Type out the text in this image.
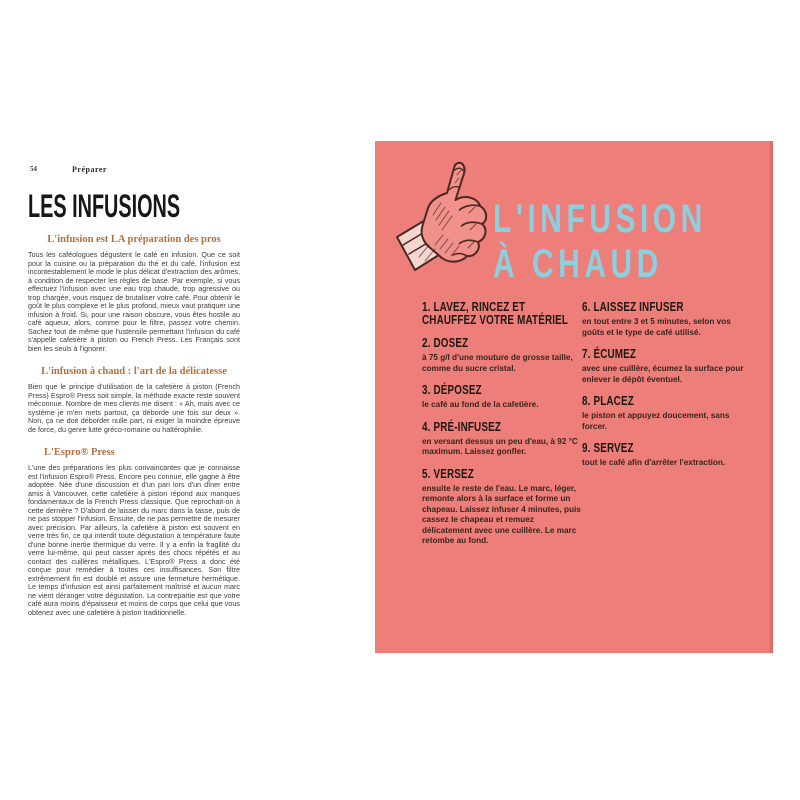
54	Préparer
LES INFUSIONS
L'infusion est LA préparation des pros

Tous les caféologues dégustent le café en infusion. Que ce soit pour la cuisine ou la préparation du thé et du café, l'infusion est incontestablement le mode le plus délicat d'extraction des arômes, à condition de respecter les règles de base. Par exemple, si vous effectuez l'infusion avec une eau trop chaude, trop agressive ou trop chargée, vous risquez de brutaliser votre café. Pour obtenir le goût le plus complexe et le plus profond, mieux vaut pratiquer une infusion à froid. Si, pour une raison obscure, vous êtes hostile au café aqueux, alors, comme pour le filtre, passez votre chemin. Sachez tout de même que l'ustensile permettant l'infusion du café s'appelle cafetière à piston ou French Press. Les Français sont bien les seuls à l'ignorer.

L'infusion à chaud : l'art de la délicatesse

Bien que le principe d'utilisation de la cafetière à piston (French Press) Espro® Press soit simple, la méthode exacte reste souvent méconnue. Nombre de mes clients me disent : « Ah, mais avec ce système je m'en mets partout, ça déborde une fois sur deux ». Non, ça ne doit déborder nulle part, ni exiger la moindre épreuve de force, du genre lutte gréco-romaine ou haltérophilie.

L'Espro® Press

L'une des préparations les plus convaincantes que je connaisse est l'infusion Espro® Press. Encore peu connue, elle gagne à être adoptée. Née d'une discussion et d'un pari lors d'un dîner entre amis à Vancouver, cette cafetière à piston répond aux manques fondamentaux de la French Press classique. Que reprochait-on à cette dernière ? D'abord de laisser du marc dans la tasse, puis de ne pas stopper l'infusion. Ensuite, de ne pas permettre de mesurer avec précision. Par ailleurs, la cafetière à piston est souvent en verre très fin, ce qui interdit toute dégustation à température faute d'une bonne inertie thermique du verre. Il y a enfin la fragilité du verre lui-même, qui peut casser après des chocs répétés et au contact des cuillères métalliques. L'Espro® Press a donc été conçue pour remédier à toutes ces insuffisances. Son filtre extrêmement fin est doublé et assure une fermeture hermétique. Le temps d'infusion est ainsi parfaitement maîtrisé et aucun marc ne vient déranger votre dégustation. La contrepartie est que votre café aura moins d'épaisseur et moins de corps que celui que vous obtenez avec une cafetière à piston traditionnelle.

L'INFUSION
À CHAUD
1. LAVEZ, RINCEZ ET CHAUFFEZ VOTRE MATÉRIEL
2. DOSEZ

à 75 g/l d'une mouture de grosse taille, comme du sucre cristal.

3. DÉPOSEZ

le café au fond de la cafetière.

4. PRÉ-INFUSEZ

en versant dessus un peu d'eau, à 92 °C maximum. Laissez gonfler.

5. VERSEZ

ensuite le reste de l'eau. Le marc, léger, remonte alors à la surface et forme un chapeau. Laissez infuser 4 minutes, puis cassez le chapeau et remuez délicatement avec une cuillère. Le marc retombe au fond.

6. LAISSEZ INFUSER

en tout entre 3 et 5 minutes, selon vos goûts et le type de café utilisé.

7. ÉCUMEZ

avec une cuillère, écumez la surface pour enlever le dépôt éventuel.

8. PLACEZ

le piston et appuyez doucement, sans forcer.

9. SERVEZ

tout le café afin d'arrêter l'extraction.
